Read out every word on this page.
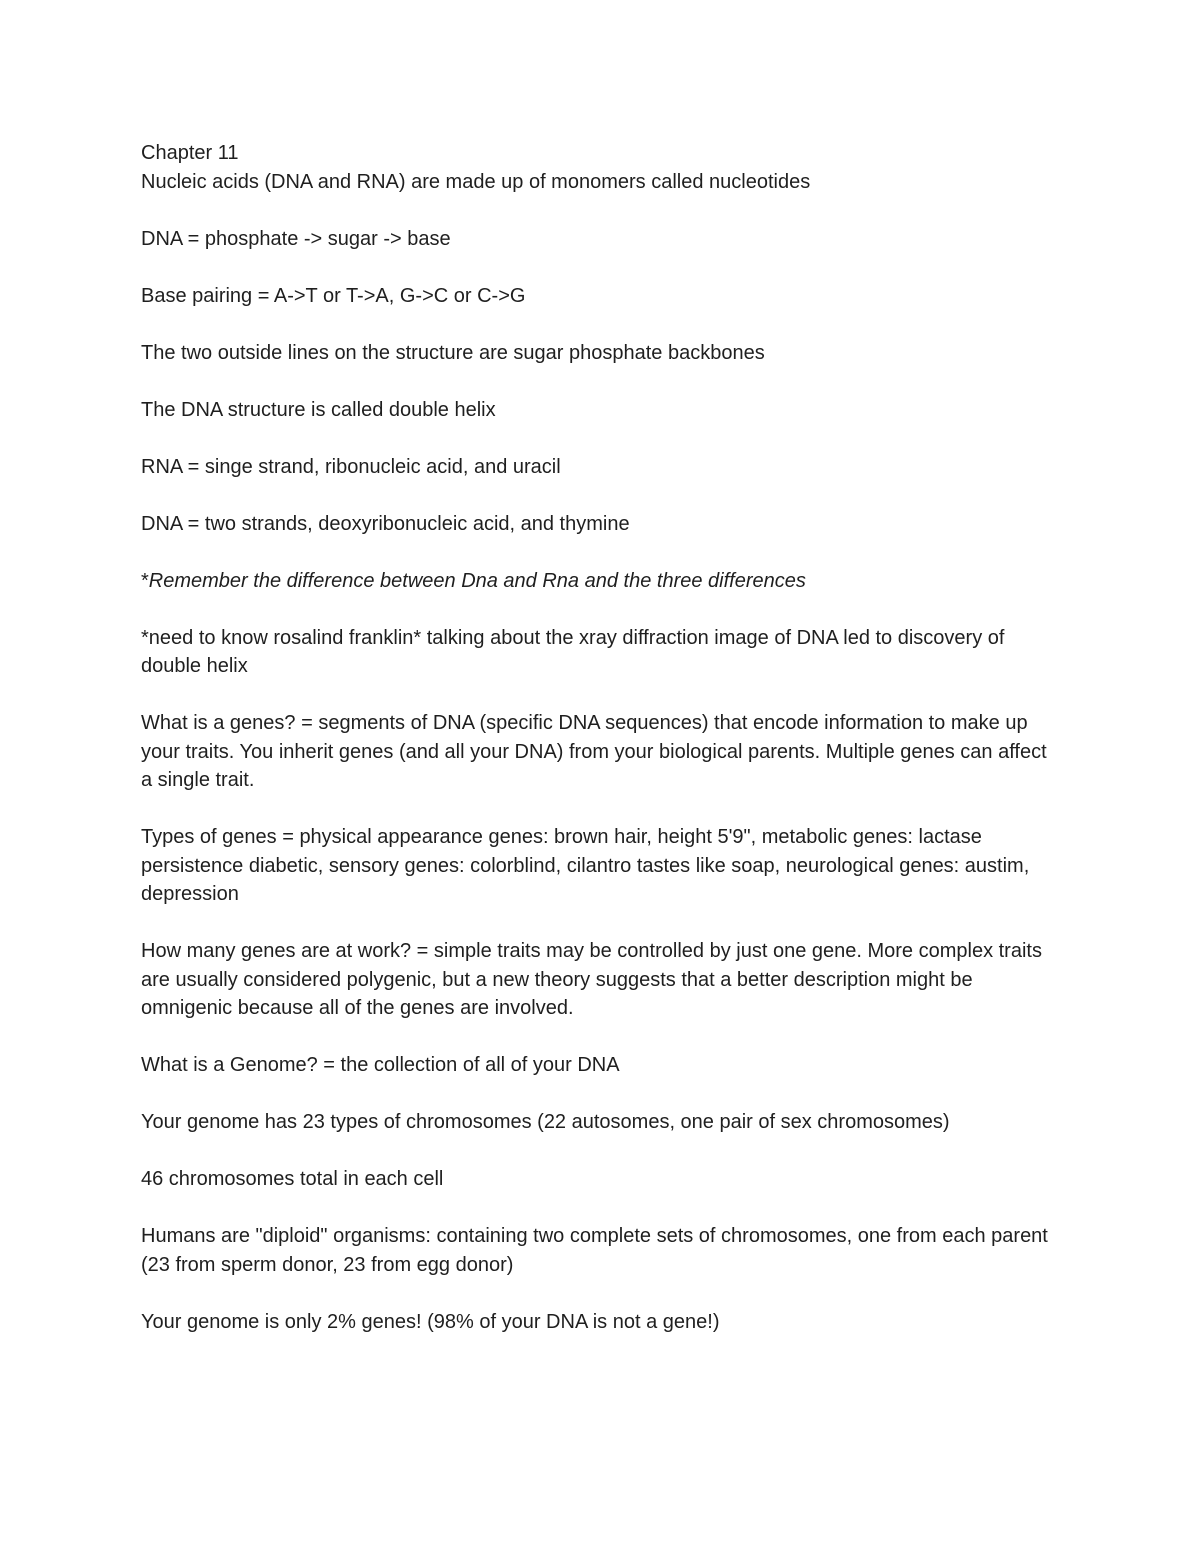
Chapter 11

Nucleic acids (DNA and RNA) are made up of monomers called nucleotides

DNA = phosphate -> sugar -> base

Base pairing = A->T or T->A, G->C or C->G

The two outside lines on the structure are sugar phosphate backbones

The DNA structure is called double helix

RNA = singe strand, ribonucleic acid, and uracil

DNA = two strands, deoxyribonucleic acid, and thymine

*Remember the difference between Dna and Rna and the three differences

*need to know rosalind franklin* talking about the xray diffraction image of DNA led to discovery of double helix

What is a genes? = segments of DNA (specific DNA sequences) that encode information to make up your traits. You inherit genes (and all your DNA) from your biological parents. Multiple genes can affect a single trait.

Types of genes = physical appearance genes: brown hair, height 5'9", metabolic genes: lactase persistence diabetic, sensory genes: colorblind, cilantro tastes like soap, neurological genes: austim, depression

How many genes are at work? = simple traits may be controlled by just one gene. More complex traits are usually considered polygenic, but a new theory suggests that a better description might be omnigenic because all of the genes are involved.

What is a Genome? = the collection of all of your DNA

Your genome has 23 types of chromosomes (22 autosomes, one pair of sex chromosomes)

46 chromosomes total in each cell

Humans are "diploid" organisms: containing two complete sets of chromosomes, one from each parent (23 from sperm donor, 23 from egg donor)

Your genome is only 2% genes! (98% of your DNA is not a gene!)
